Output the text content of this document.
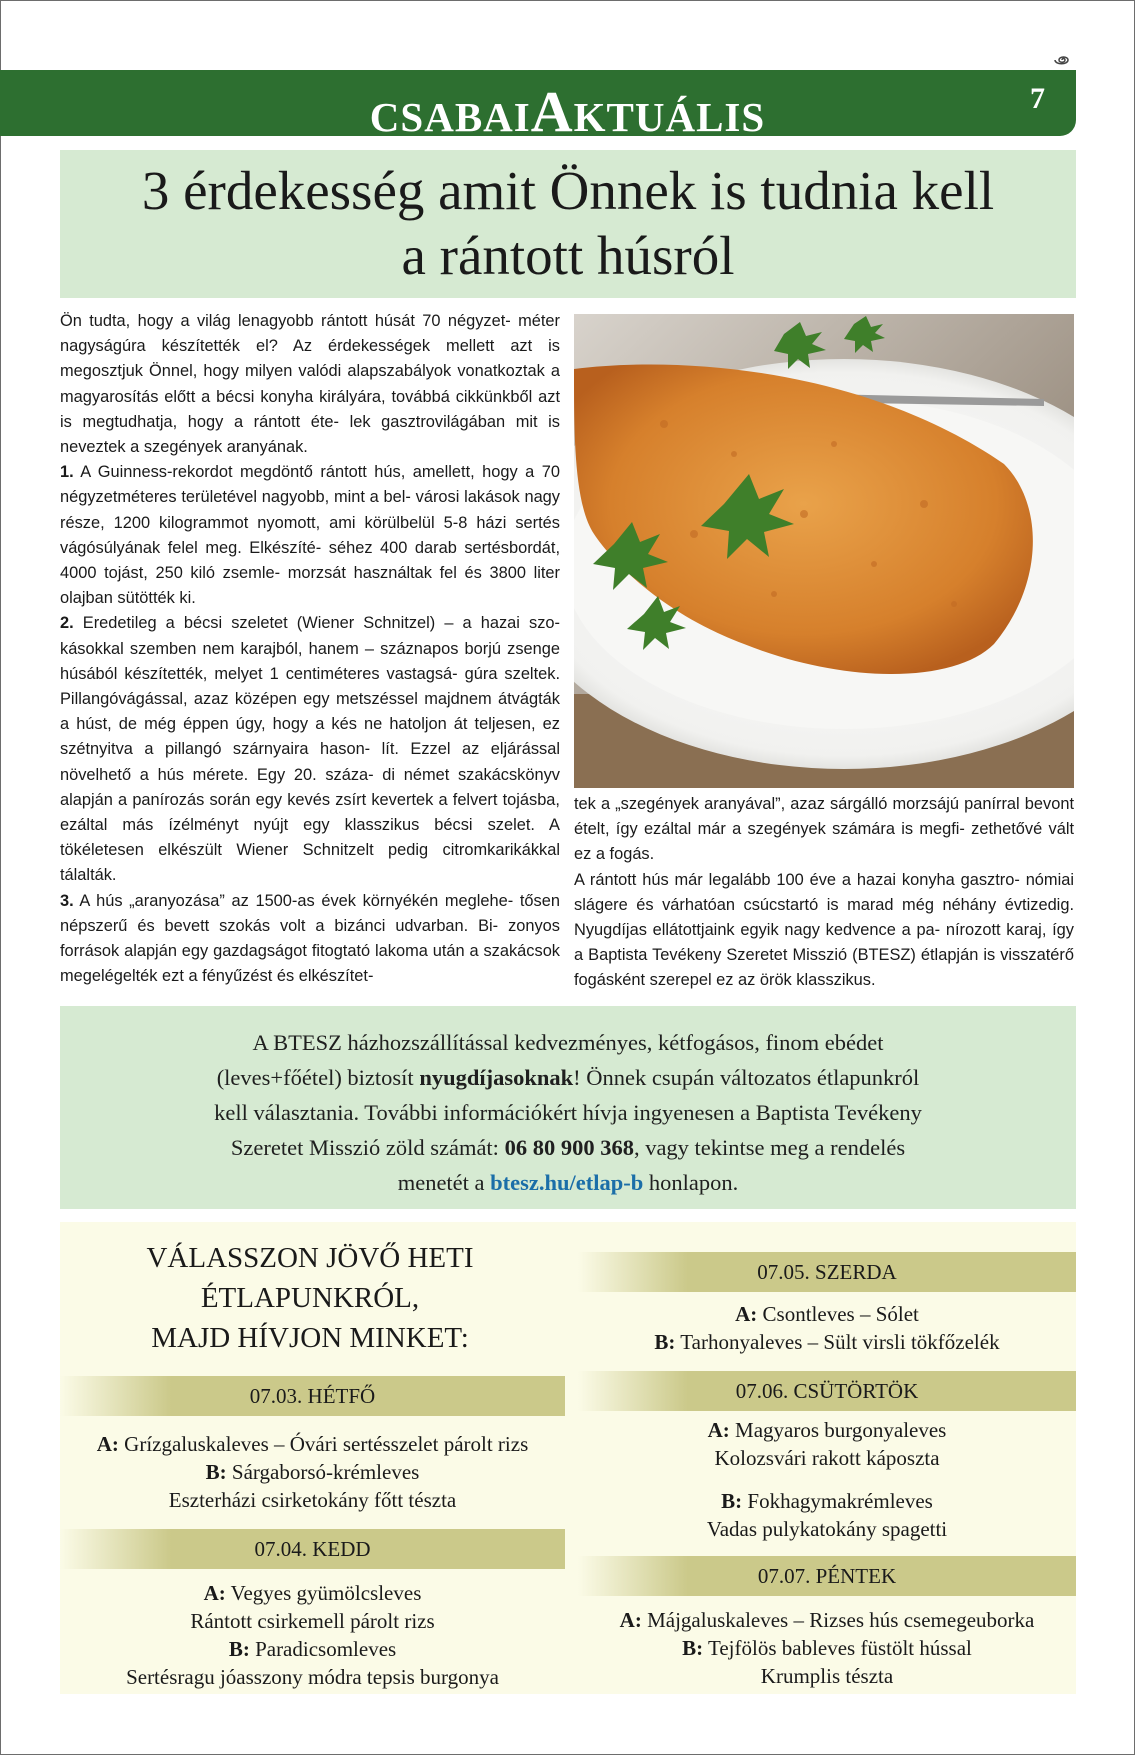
CSABAIAKTUÁLIS	7
3 érdekesség amit Önnek is tudnia kell
a rántott húsról

Ön tudta, hogy a világ lenagyobb rántott húsát 70 négyzet- méter nagyságúra készítették el? Az érdekességek mellett azt is megosztjuk Önnel, hogy milyen valódi alapszabályok vonatkoztak a magyarosítás előtt a bécsi konyha királyára, továbbá cikkünkből azt is megtudhatja, hogy a rántott éte- lek gasztrovilágában mit is neveztek a szegények aranyának.

1. A Guinness-rekordot megdöntő rántott hús, amellett, hogy a 70 négyzetméteres területével nagyobb, mint a bel- városi lakások nagy része, 1200 kilogrammot nyomott, ami körülbelül 5-8 házi sertés vágósúlyának felel meg. Elkészíté- séhez 400 darab sertésbordát, 4000 tojást, 250 kiló zsemle- morzsát használtak fel és 3800 liter olajban sütötték ki.

2. Eredetileg a bécsi szeletet (Wiener Schnitzel) – a hazai szo- kásokkal szemben nem karajból, hanem – száznapos borjú zsenge húsából készítették, melyet 1 centiméteres vastagsá- gúra szeltek. Pillangóvágással, azaz középen egy metszéssel majdnem átvágták a húst, de még éppen úgy, hogy a kés ne hatoljon át teljesen, ez szétnyitva a pillangó szárnyaira hason- lít. Ezzel az eljárással növelhető a hús mérete. Egy 20. száza- di német szakácskönyv alapján a panírozás során egy kevés zsírt kevertek a felvert tojásba, ezáltal más ízélményt nyújt egy klasszikus bécsi szelet. A tökéletesen elkészült Wiener Schnitzelt pedig citromkarikákkal tálalták.

3. A hús „aranyozása” az 1500-as évek környékén meglehe- tősen népszerű és bevett szokás volt a bizánci udvarban. Bi- zonyos források alapján egy gazdagságot fitogtató lakoma után a szakácsok megelégelték ezt a fényűzést és elkészítet-

tek a „szegények aranyával”, azaz sárgálló morzsájú panírral bevont ételt, így ezáltal már a szegények számára is megfi- zethetővé vált ez a fogás.

A rántott hús már legalább 100 éve a hazai konyha gasztro- nómiai slágere és várhatóan csúcstartó is marad még néhány évtizedig. Nyugdíjas ellátottjaink egyik nagy kedvence a pa- nírozott karaj, így a Baptista Tevékeny Szeretet Misszió (BTESZ) étlapján is visszatérő fogásként szerepel ez az örök klasszikus.

A BTESZ házhozszállítással kedvezményes, kétfogásos, finom ebédet
(leves+főétel) biztosít nyugdíjasoknak! Önnek csupán változatos étlapunkról
kell választania. További információkért hívja ingyenesen a Baptista Tevékeny
Szeretet Misszió zöld számát: 06 80 900 368, vagy tekintse meg a rendelés
menetét a btesz.hu/etlap-b honlapon.
VÁLASSZON JÖVŐ HETI
ÉTLAPUNKRÓL,
MAJD HÍVJON MINKET:
07.03. HÉTFŐ
A: Grízgaluskaleves – Óvári sertésszelet párolt rizs
B: Sárgaborsó-krémleves
Eszterházi csirketokány főtt tészta
07.04. KEDD
A: Vegyes gyümölcsleves
Rántott csirkemell párolt rizs
B: Paradicsomleves
Sertésragu jóasszony módra tepsis burgonya
07.05. SZERDA
A: Csontleves – Sólet
B: Tarhonyaleves – Sült virsli tökfőzelék
07.06. CSÜTÖRTÖK
A: Magyaros burgonyaleves
Kolozsvári rakott káposzta
B: Fokhagymakrémleves
Vadas pulykatokány spagetti
07.07. PÉNTEK
A: Májgaluskaleves – Rizses hús csemegeuborka
B: Tejfölös bableves füstölt hússal
Krumplis tészta
